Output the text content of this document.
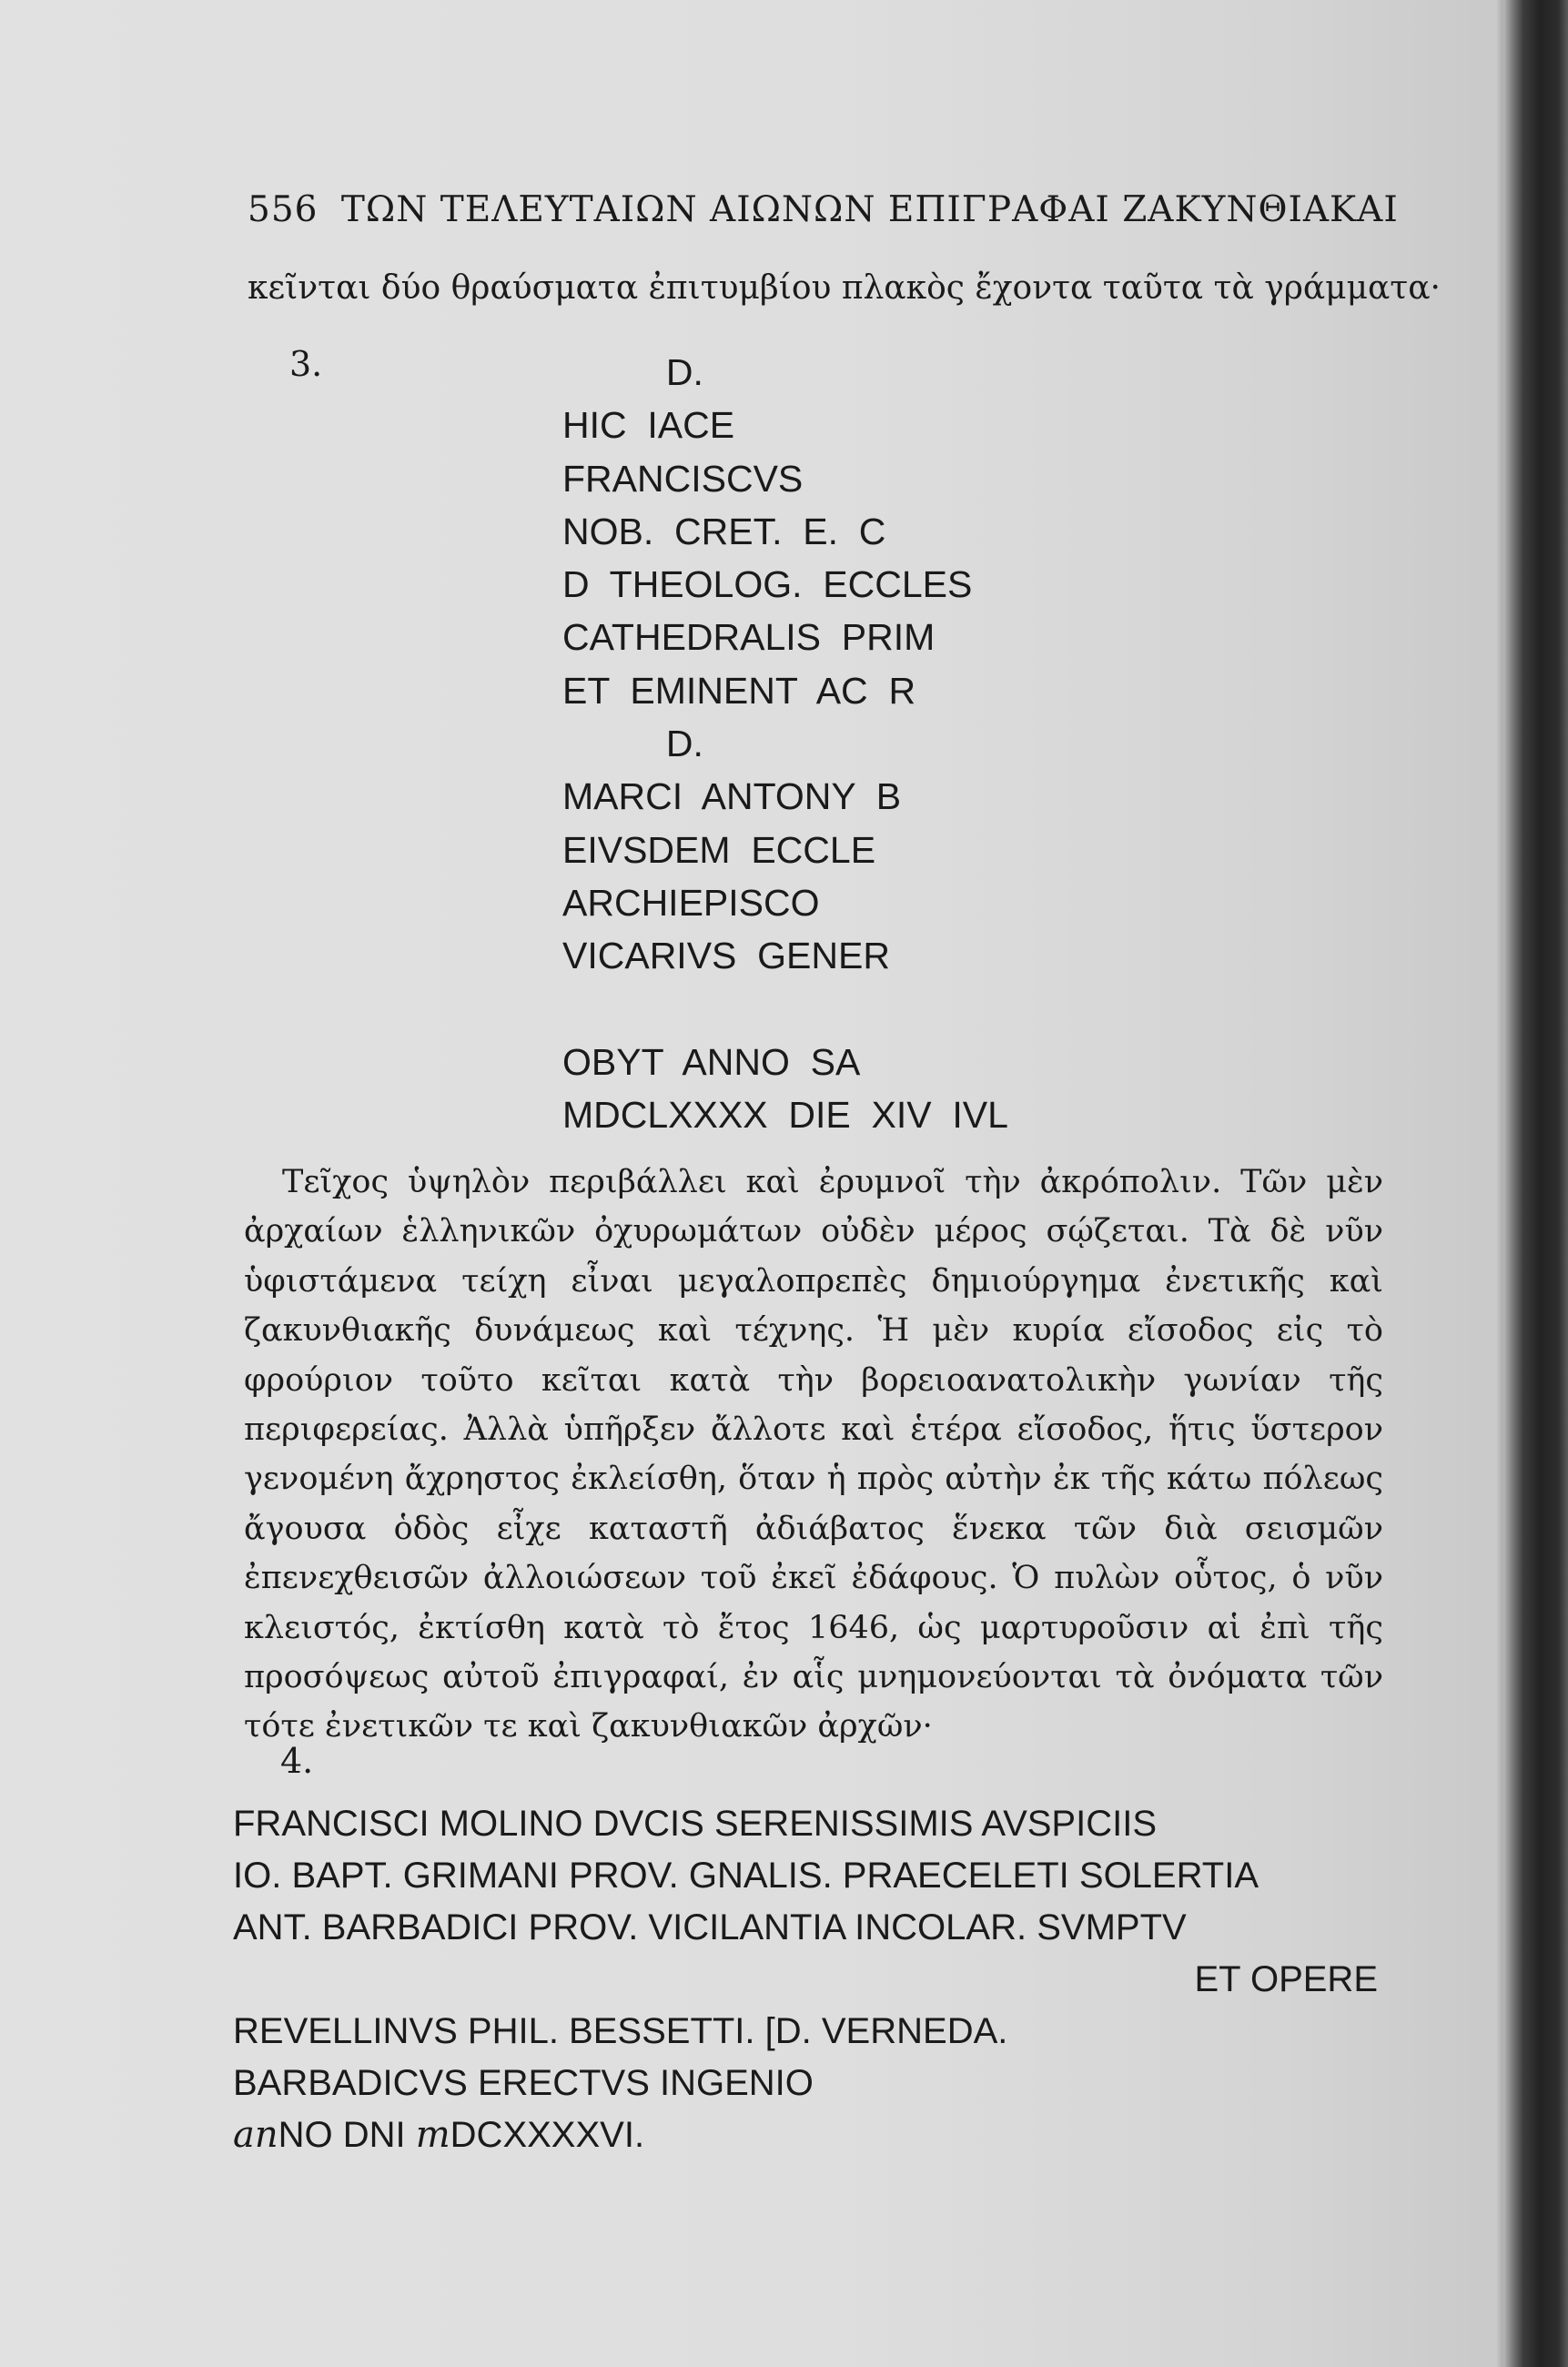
556 ΤΩΝ ΤΕΛΕΥΤΑΙΩΝ ΑΙΩΝΩΝ ΕΠΙΓΡΑΦΑΙ ΖΑΚΥΝΘΙΑΚΑΙ
κεῖνται δύο θραύσματα ἐπιτυμβίου πλακὸς ἔχοντα ταῦτα τὰ γράμματα·
3.	D.
HIC  IACE
FRANCISCVS
NOB.  CRET.  E.  C
D  THEOLOG.  ECCLES
CATHEDRALIS  PRIM
ET  EMINENT  AC  R
D.
MARCI  ANTONY  B
EIVSDEM  ECCLE
ARCHIEPISCO
VICARIVS  GENER
OBYT  ANNO  SA
MDCLXXXX  DIE  XIV  IVL
Τεῖχος ὑψηλὸν περιβάλλει καὶ ἐρυμνοῖ τὴν ἀκρόπολιν. Τῶν μὲν ἀρχαίων ἑλληνικῶν ὀχυρωμάτων οὐδὲν μέρος σῴζεται. Τὰ δὲ νῦν ὑφιστάμενα τείχη εἶναι μεγαλοπρεπὲς δημιούργημα ἐνετικῆς καὶ ζακυνθιακῆς δυνάμεως καὶ τέχνης. Ἡ μὲν κυρία εἴσοδος εἰς τὸ φρούριον τοῦτο κεῖται κατὰ τὴν βορειοανατολικὴν γωνίαν τῆς περιφερείας. Ἀλλὰ ὑπῆρξεν ἄλλοτε καὶ ἑτέρα εἴσοδος, ἥτις ὕστερον γενομένη ἄχρηστος ἐκλείσθη, ὅταν ἡ πρὸς αὐτὴν ἐκ τῆς κάτω πόλεως ἄγουσα ὁδὸς εἶχε καταστῆ ἀδιάβατος ἕνεκα τῶν διὰ σεισμῶν ἐπενεχθεισῶν ἀλλοιώσεων τοῦ ἐκεῖ ἐδάφους. Ὁ πυλὼν οὗτος, ὁ νῦν κλειστός, ἐκτίσθη κατὰ τὸ ἔτος 1646, ὡς μαρτυροῦσιν αἱ ἐπὶ τῆς προσόψεως αὐτοῦ ἐπιγραφαί, ἐν αἷς μνημονεύονται τὰ ὀνόματα τῶν τότε ἐνετικῶν τε καὶ ζακυνθιακῶν ἀρχῶν·
4.
FRANCISCI MOLINO DVCIS SERENISSIMIS AVSPICIIS
IO. BAPT. GRIMANI PROV. GNALIS. PRAECELETI SOLERTIA
ANT. BARBADICI PROV. VICILANTIA INCOLAR. SVMPTV
ET OPERE
REVELLINVS PHIL. BESSETTI. [D. VERNEDA.
BARBADICVS ERECTVS INGENIO
anNO DNI mDCXXXXVI.
